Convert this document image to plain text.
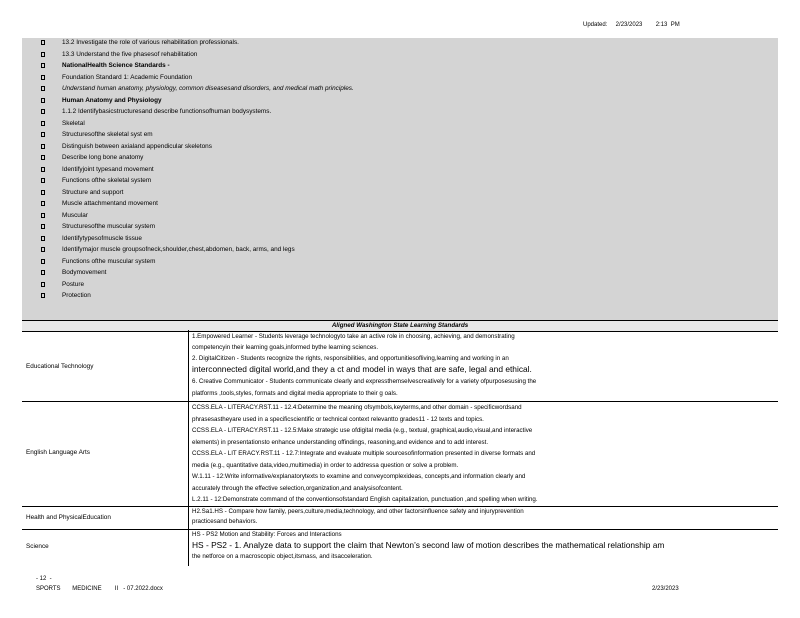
Updated:     2/23/2023        2:13  PM
13.2 Investigate the role of various rehabilitation professionals.
13.3 Understand the five phasesof rehabilitation
NationalHealth Science Standards -
Foundation Standard 1: Academic Foundation
Understand human anatomy, physiology, common diseasesand disorders, and medical math principles.
Human Anatomy and Physiology
1.1.2 Identifybasicstructuresand describe functionsofhuman bodysystems.
Skeletal
Structuresofthe skeletal syst em
Distinguish between axialand appendicular skeletons
Describe long bone anatomy
Identifyjoint typesand movement
Functions ofthe skeletal system
Structure and support
Muscle attachmentand movement
Muscular
Structuresofthe muscular system
Identifytypesofmuscle tissue
Identifymajor muscle groupsofneck,shoulder,chest,abdomen, back, arms, and legs
Functions ofthe muscular system
Bodymovement
Posture
Protection
Aligned Washington State Learning Standards
Educational Technology
1.Empowered Learner - Students leverage technologyto take an active role in choosing, achieving, and demonstrating
competencyin their learning goals,informed bythe learning sciences.
2. DigitalCitizen - Students recognize the rights, responsibilities, and opportunitiesofliving,learning and working in an
interconnected digital world,and they a ct and model in ways that are safe, legal and ethical.
6. Creative Communicator - Students communicate clearly and expressthemselvescreatively for a variety ofpurposesusing the
platforms ,tools,styles, formats and digital media appropriate to their g oals.
English Language Arts
CCSS.ELA - LITERACY.RST.11 - 12.4:Determine the meaning ofsymbols,keyterms,and other domain - specificwordsand
phrasesastheyare used in a specificscientific or technical context relevantto grades11 - 12 texts and topics.
CCSS.ELA - LITERACY.RST.11 - 12.5:Make strategic use ofdigital media (e.g., textual, graphical,audio,visual,and interactive
elements) in presentationsto enhance understanding offindings, reasoning,and evidence and to add interest.
CCSS.ELA - LIT ERACY.RST.11 - 12.7:Integrate and evaluate multiple sourcesofinformation presented in diverse formats and
media (e.g., quantitative data,video,multimedia) in order to addressa question or solve a problem.
W.1.11 - 12:Write informative/explanatorytexts to examine and conveycomplexideas, concepts,and information clearly and
accurately through the effective selection,organization,and analysisofcontent.
L.2.11 - 12:Demonstrate command of the conventionsofstandard English capitalization, punctuation ,and spelling when writing.
Health and PhysicalEducation
H2.Sa1.HS - Compare how family, peers,culture,media,technology, and other factorsinfluence safety and injuryprevention
practicesand behaviors.
Science
HS - PS2 Motion and Stability: Forces and Interactions
HS - PS2 - 1. Analyze data to support the claim that Newton’s second law of motion describes the mathematical relationship am
the netforce on a macroscopic object,itsmass, and itsacceleration.
- 12  -
SPORTS       MEDICINE        II   - 07.2022.docx	2/23/2023
